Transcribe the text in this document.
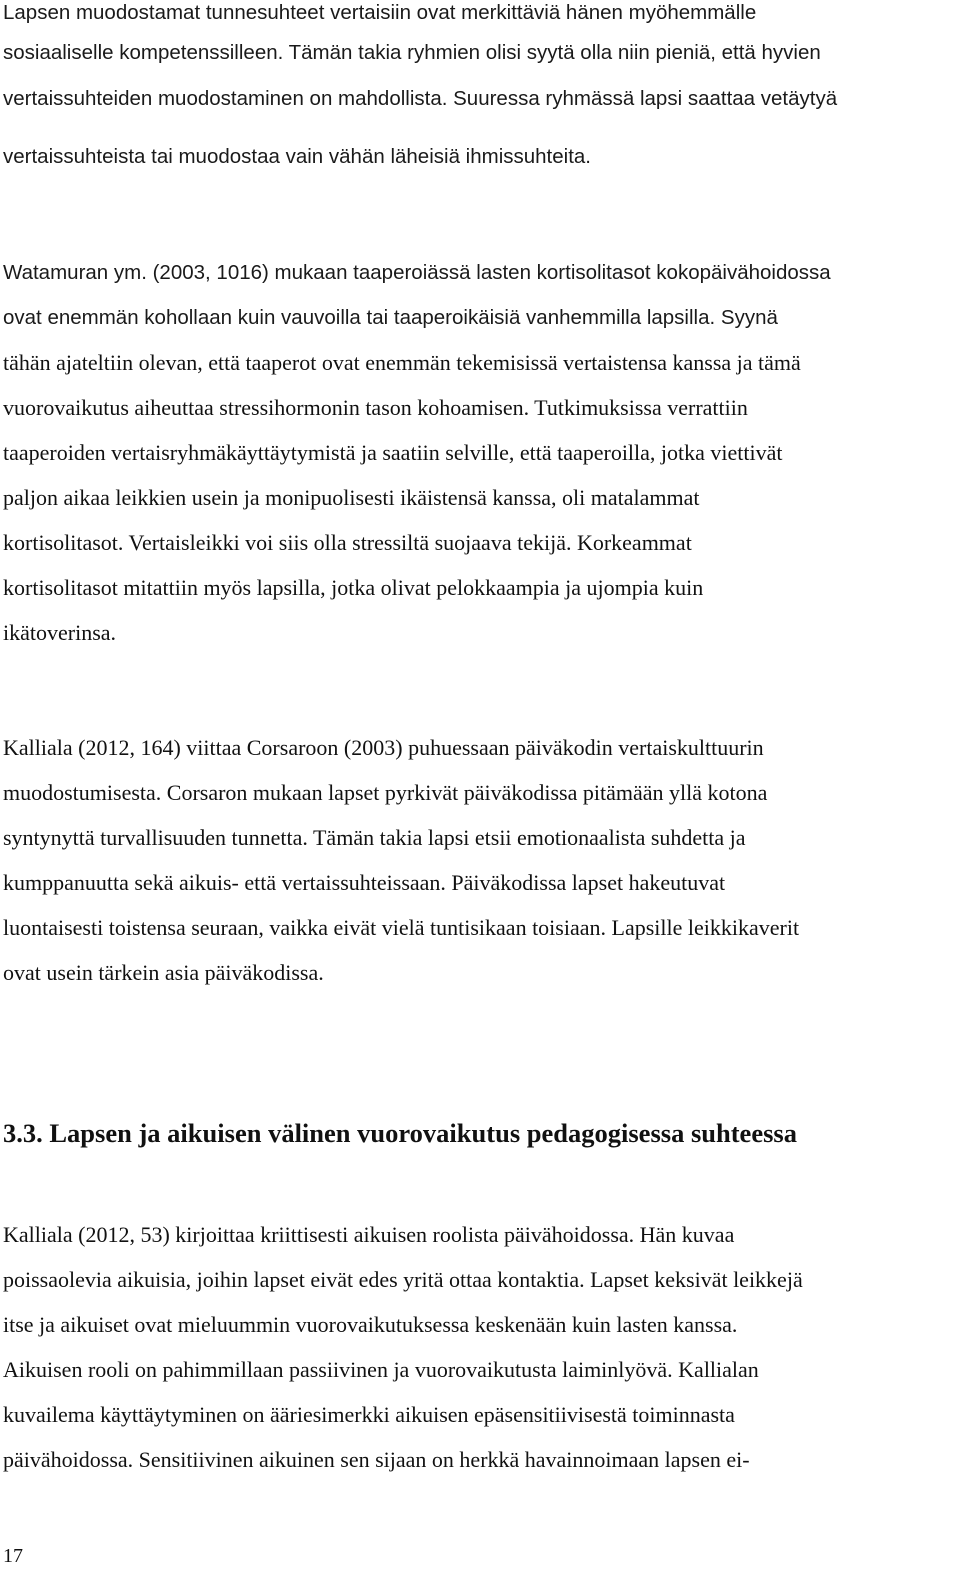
Lapsen muodostamat tunnesuhteet vertaisiin ovat merkittäviä hänen myöhemmälle
sosiaaliselle kompetenssilleen. Tämän takia ryhmien olisi syytä olla niin pieniä, että hyvien
vertaissuhteiden muodostaminen on mahdollista. Suuressa ryhmässä lapsi saattaa vetäytyä
vertaissuhteista tai muodostaa vain vähän läheisiä ihmissuhteita.
Watamuran ym. (2003, 1016) mukaan taaperoiässä lasten kortisolitasot kokopäivähoidossa
ovat enemmän kohollaan kuin vauvoilla tai taaperoikäisiä vanhemmilla lapsilla. Syynä
tähän ajateltiin olevan, että taaperot ovat enemmän tekemisissä vertaistensa kanssa ja tämä
vuorovaikutus aiheuttaa stressihormonin tason kohoamisen. Tutkimuksissa verrattiin
taaperoiden vertaisryhmäkäyttäytymistä ja saatiin selville, että taaperoilla, jotka viettivät
paljon aikaa leikkien usein ja monipuolisesti ikäistensä kanssa, oli matalammat
kortisolitasot. Vertaisleikki voi siis olla stressiltä suojaava tekijä. Korkeammat
kortisolitasot mitattiin myös lapsilla, jotka olivat pelokkaampia ja ujompia kuin
ikätoverinsa.
Kalliala (2012, 164) viittaa Corsaroon (2003) puhuessaan päiväkodin vertaiskulttuurin
muodostumisesta. Corsaron mukaan lapset pyrkivät päiväkodissa pitämään yllä kotona
syntynyttä turvallisuuden tunnetta. Tämän takia lapsi etsii emotionaalista suhdetta ja
kumppanuutta sekä aikuis- että vertaissuhteissaan. Päiväkodissa lapset hakeutuvat
luontaisesti toistensa seuraan, vaikka eivät vielä tuntisikaan toisiaan. Lapsille leikkikaverit
ovat usein tärkein asia päiväkodissa.
3.3. Lapsen ja aikuisen välinen vuorovaikutus pedagogisessa suhteessa
Kalliala (2012, 53) kirjoittaa kriittisesti aikuisen roolista päivähoidossa. Hän kuvaa
poissaolevia aikuisia, joihin lapset eivät edes yritä ottaa kontaktia. Lapset keksivät leikkejä
itse ja aikuiset ovat mieluummin vuorovaikutuksessa keskenään kuin lasten kanssa.
Aikuisen rooli on pahimmillaan passiivinen ja vuorovaikutusta laiminlyövä. Kallialan
kuvailema käyttäytyminen on ääriesimerkki aikuisen epäsensitiivisestä toiminnasta
päivähoidossa. Sensitiivinen aikuinen sen sijaan on herkkä havainnoimaan lapsen ei-
17
